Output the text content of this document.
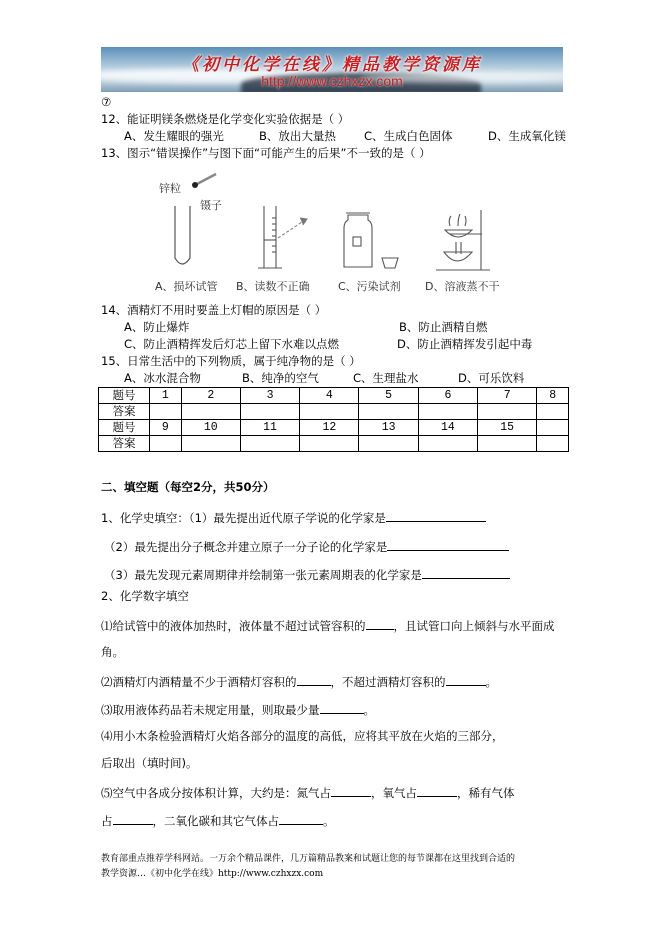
《初中化学在线》精品教学资源库
http://www.czhxzx.com
⑦
12、能证明镁条燃烧是化学变化实验依据是（ ）
A、发生耀眼的强光	B、放出大量热 C、生成白色固体	D、生成氧化镁
13、图示“错误操作”与图下面“可能产生的后果”不一致的是（ ）
锌粒
镊子
A、损坏试管 B、读数不正确	C、污染试剂 D、溶液蒸不干
14、酒精灯不用时要盖上灯帽的原因是（ ）
A、防止爆炸	B、防止酒精自燃
C、防止酒精挥发后灯芯上留下水难以点燃	D、防止酒精挥发引起中毒
15、日常生活中的下列物质，属于纯净物的是（ ）
A、冰水混合物	B、纯净的空气	C、生理盐水	D、可乐饮料
题号	1	2	3	4	5	6	7	8
答案								
题号	9	10	11	12	13	14	15	
答案								
二、填空题（每空2分，共50分）
1、化学史填空：（1）最先提出近代原子学说的化学家是
（2）最先提出分子概念并建立原子一分子论的化学家是
（3）最先发现元素周期律并绘制第一张元素周期表的化学家是
2、化学数字填空
⑴给试管中的液体加热时，液体量不超过试管容积的 ，且试管口向上倾斜与水平面成
角。
⑵酒精灯内酒精量不少于酒精灯容积的	，不超过酒精灯容积的	。
⑶取用液体药品若未规定用量，则取最少量	。
⑷用小木条检验酒精灯火焰各部分的温度的高低，应将其平放在火焰的三部分，
后取出（填时间)。
⑸空气中各成分按体积计算，大约是：氮气占	，氧气占	，稀有气体
占	，二氧化碳和其它气体占	。
教育部重点推荐学科网站。一万余个精品课件，几万篇精品教案和试题让您的每节课都在这里找到合适的
教学资源…《初中化学在线》http://www.czhxzx.com
